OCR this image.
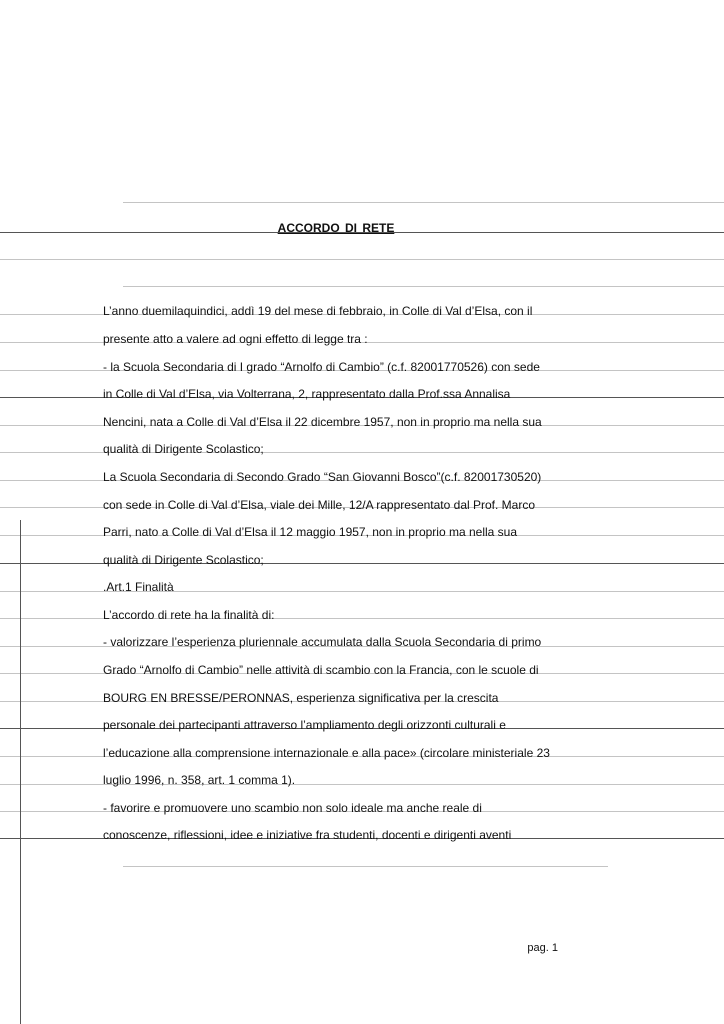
ACCORDO DI RETE
L’anno duemilaquindici, addì 19 del mese di febbraio, in Colle di Val d’Elsa, con il
presente atto a valere ad ogni effetto di legge tra :
- la Scuola Secondaria di I grado “Arnolfo di Cambio” (c.f. 82001770526) con sede
in Colle di Val d’Elsa, via Volterrana, 2, rappresentato dalla Prof.ssa Annalisa
Nencini, nata a Colle di Val d’Elsa il 22 dicembre 1957, non in proprio ma nella sua
qualità di Dirigente Scolastico;
La Scuola Secondaria di Secondo Grado “San Giovanni Bosco”(c.f. 82001730520)
con sede in Colle di Val d’Elsa, viale dei Mille, 12/A rappresentato dal Prof. Marco
Parri, nato a Colle di Val d’Elsa il 12 maggio 1957, non in proprio ma nella sua
qualità di Dirigente Scolastico;
.Art.1 Finalità
L’accordo di rete ha la finalità di:
- valorizzare l’esperienza pluriennale accumulata dalla Scuola Secondaria di primo
Grado “Arnolfo di Cambio” nelle attività di scambio con la Francia, con le scuole di
BOURG EN BRESSE/PERONNAS, esperienza significativa per la crescita
personale dei partecipanti attraverso l’ampliamento degli orizzonti culturali e
l’educazione alla comprensione internazionale e alla pace» (circolare ministeriale 23
luglio 1996, n. 358, art. 1 comma 1).
- favorire e promuovere uno scambio non solo ideale ma anche reale di
conoscenze, riflessioni, idee e iniziative fra studenti, docenti e dirigenti aventi
pag. 1
